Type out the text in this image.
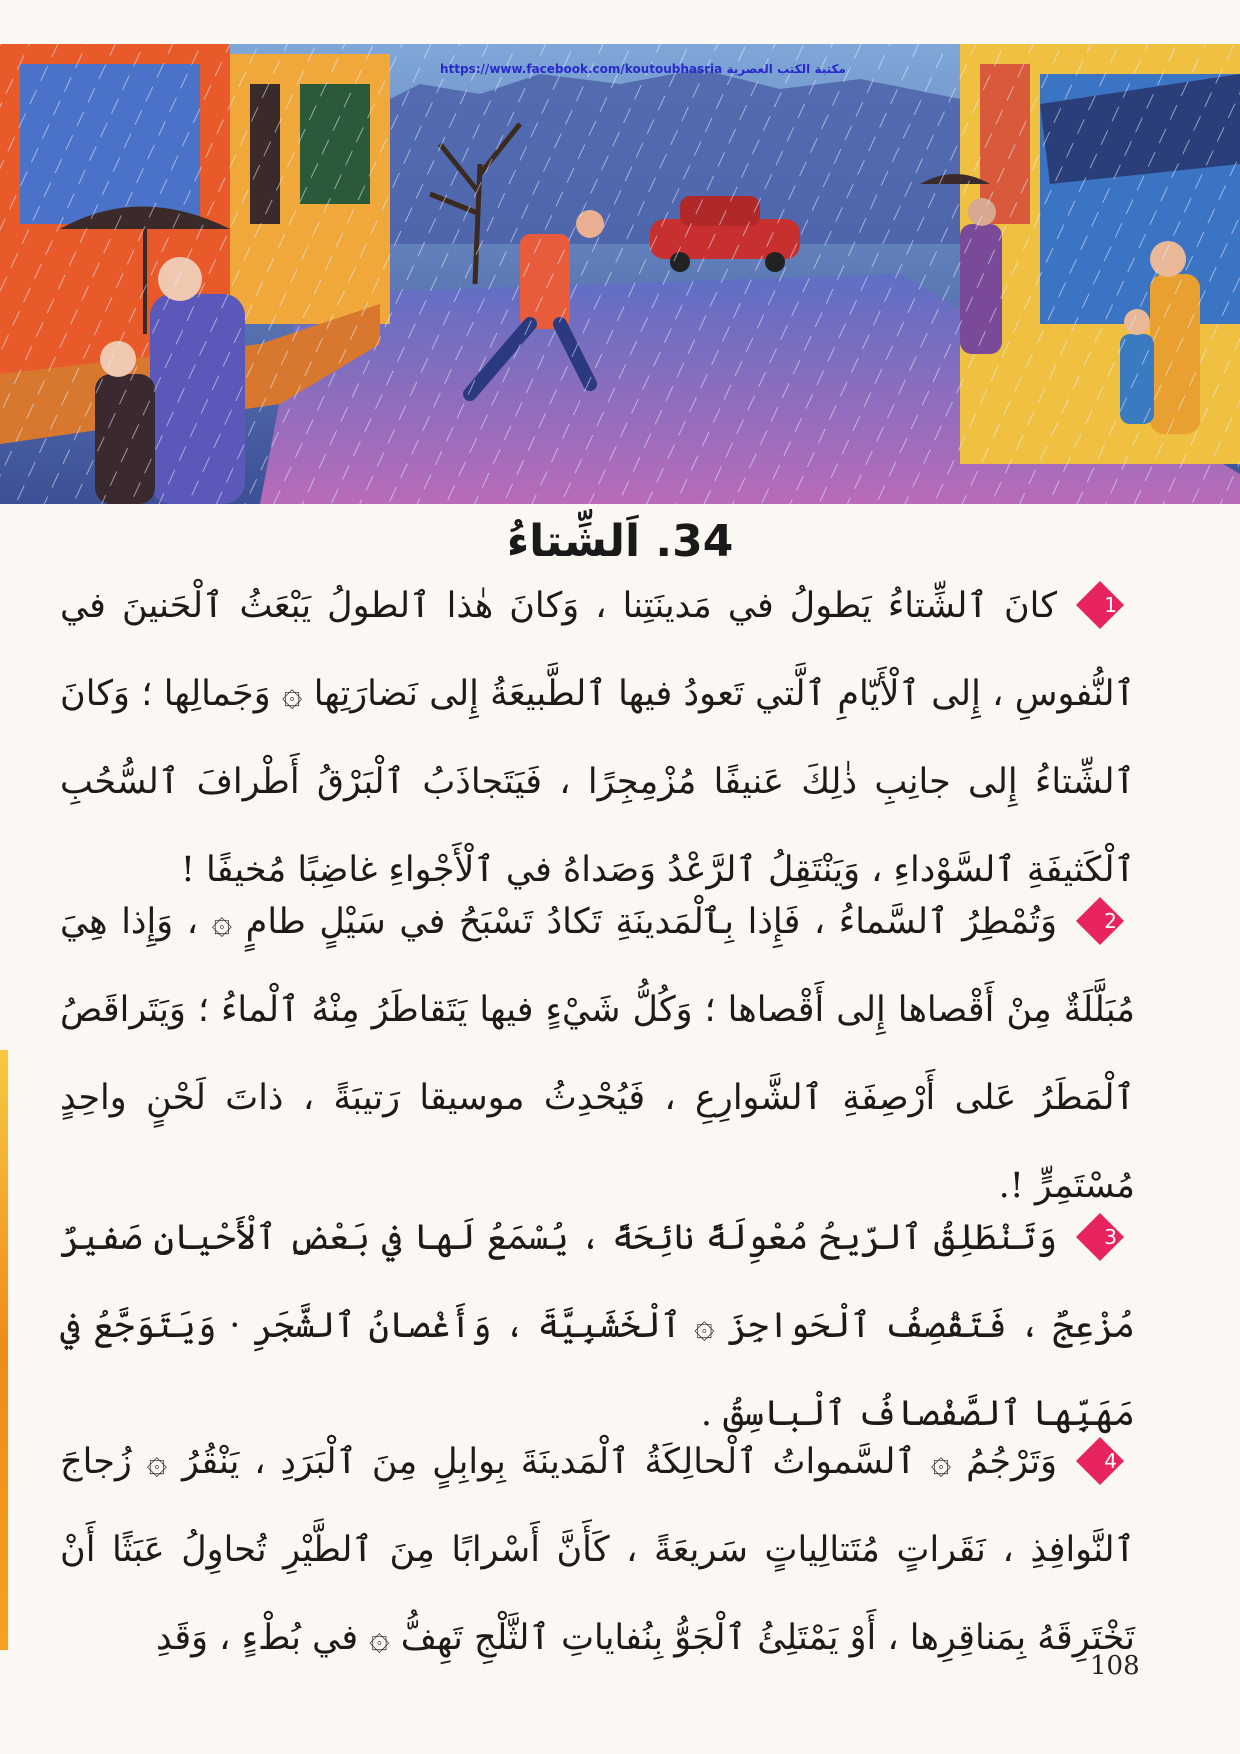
https://www.facebook.com/koutoubhasria مكتبة الكتب العصرية
34. اَلشِّتاءُ
1
كانَ ٱلشِّتاءُ يَطولُ في مَدينَتِنا ، وَكانَ هٰذا ٱلطولُ يَبْعَثُ ٱلْحَنينَ في ٱلنُّفوسِ ، إِلى ٱلْأَيّامِ ٱلَّتي تَعودُ فيها ٱلطَّبيعَةُ إِلى نَضارَتِها ۞ وَجَمالِها ؛ وَكانَ ٱلشِّتاءُ إِلى جانِبِ ذٰلِكَ عَنيفًا مُزْمِجِرًا ، فَيَتَجاذَبُ ٱلْبَرْقُ أَطْرافَ ٱلسُّحُبِ ٱلْكَثيفَةِ ٱلسَّوْداءِ ، وَيَنْتَقِلُ ٱلرَّعْدُ وَصَداهُ في ٱلْأَجْواءِ غاضِبًا مُخيفًا !
2
وَتُمْطِرُ ٱلسَّماءُ ، فَإِذا بِٱلْمَدينَةِ تَكادُ تَسْبَحُ في سَيْلٍ طامٍ ۞ ، وَإِذا هِيَ مُبَلَّلَةٌ مِنْ أَقْصاها إِلى أَقْصاها ؛ وَكُلُّ شَيْءٍ فيها يَتَقاطَرُ مِنْهُ ٱلْماءُ ؛ وَيَتَراقَصُ ٱلْمَطَرُ عَلى أَرْصِفَةِ ٱلشَّوارِعِ ، فَيُحْدِثُ موسيقا رَتيبَةً ، ذاتَ لَحْنٍ واحِدٍ مُسْتَمِرٍّ !.
3
وَتَنْطَلِقُ ٱلرّيحُ مُعْوِلَةً نائِحَةً ، يُسْمَعُ لَها في بَعْضِ ٱلْأَحْيانِ صَفيرٌ مُزْعِجٌ ، فَتَقْصِفُ ٱلْحَواجِزَ ۞ ٱلْخَشَبِيَّةَ ، وَأَغْصانُ ٱلشَّجَرِ · وَيَتَوَجَّعُ في مَهَبِّها ٱلصَّفْصافُ ٱلْباسِقُ .
4
وَتَرْجُمُ ۞ ٱلسَّمواتُ ٱلْحالِكَةُ ٱلْمَدينَةَ بِوابِلٍ مِنَ ٱلْبَرَدِ ، يَنْقُرُ ۞ زُجاجَ ٱلنَّوافِذِ ، نَقَراتٍ مُتَتالِياتٍ سَريعَةً ، كَأَنَّ أَسْرابًا مِنَ ٱلطَّيْرِ تُحاوِلُ عَبَثًا أَنْ تَخْتَرِقَهُ بِمَناقِرِها ، أَوْ يَمْتَلِئُ ٱلْجَوُّ بِنُفاياتِ ٱلثَّلْجِ تَهِفُّ ۞ في بُطْءٍ ، وَقَدِ
108
